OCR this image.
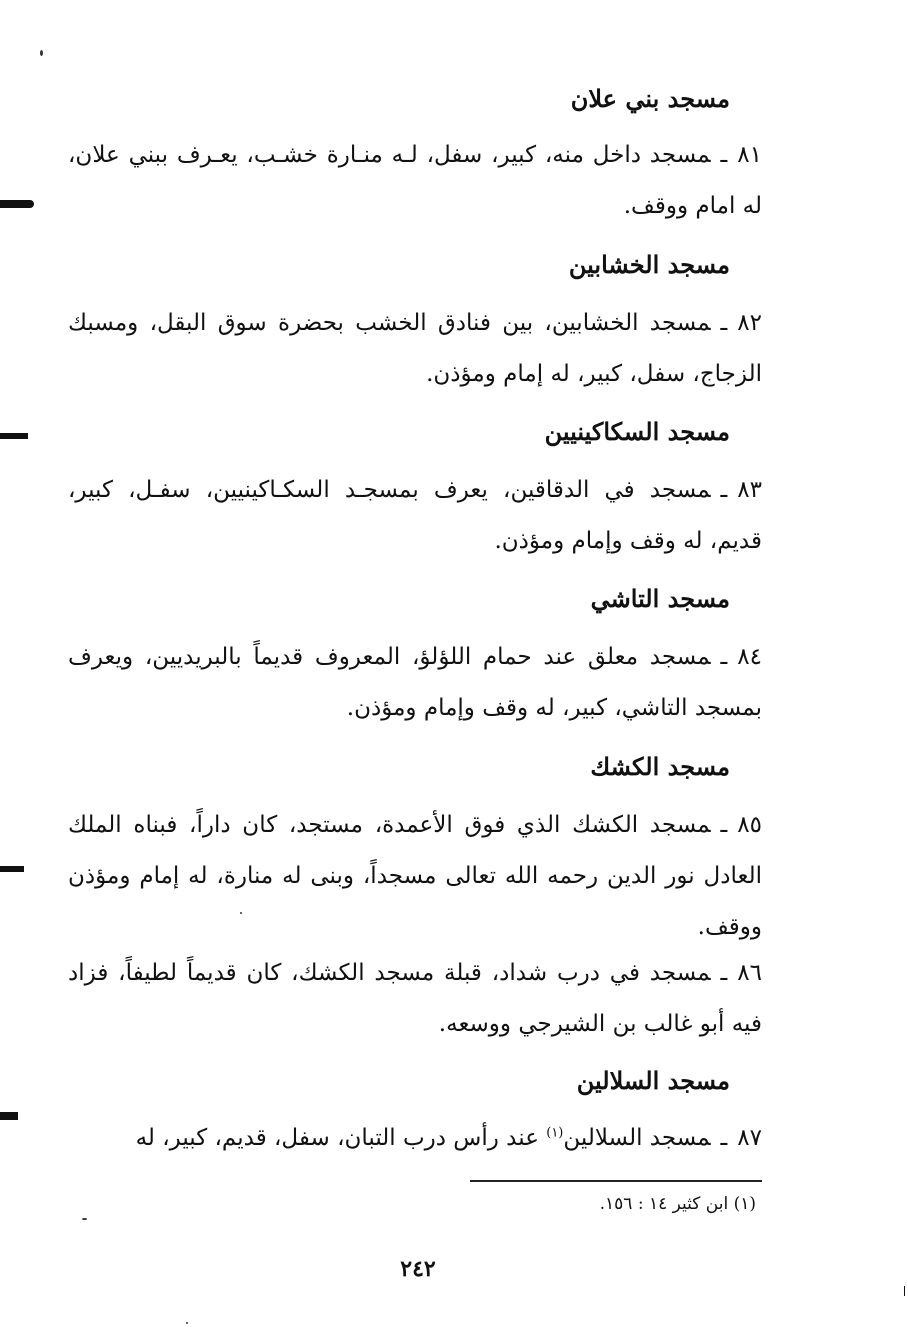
مسجد بني علان
٨١ـمسجد داخل منه، كبير، سفل، لـه منـارة خشـب، يعـرف ببني علان، له امام ووقف.
مسجد الخشابين
٨٢ـمسجد الخشابين، بين فنادق الخشب بحضرة سوق البقل، ومسبك الزجاج، سفل، كبير، له إمام ومؤذن.
مسجد السكاكينيين
٨٣ـمسجد في الدقاقين، يعرف بمسجـد السكـاكينيين، سفـل، كبير، قديم، له وقف وإمام ومؤذن.
مسجد التاشي
٨٤ـمسجد معلق عند حمام اللؤلؤ، المعروف قديماً بالبريديين، ويعرف بمسجد التاشي، كبير، له وقف وإمام ومؤذن.
مسجد الكشك
٨٥ـمسجد الكشك الذي فوق الأعمدة، مستجد، كان داراً، فبناه الملك العادل نور الدين رحمه الله تعالى مسجداً، وبنى له منارة، له إمام ومؤذن ووقف.
٨٦ـمسجد في درب شداد، قبلة مسجد الكشك، كان قديماً لطيفاً، فزاد فيه أبو غالب بن الشيرجي ووسعه.
مسجد السلالين
٨٧ـمسجد السلالين$^{(١)}$ عند رأس درب التبان، سفل، قديم، كبير، له
(١) ابن كثير ١٤ : ١٥٦.
٢٤٢
